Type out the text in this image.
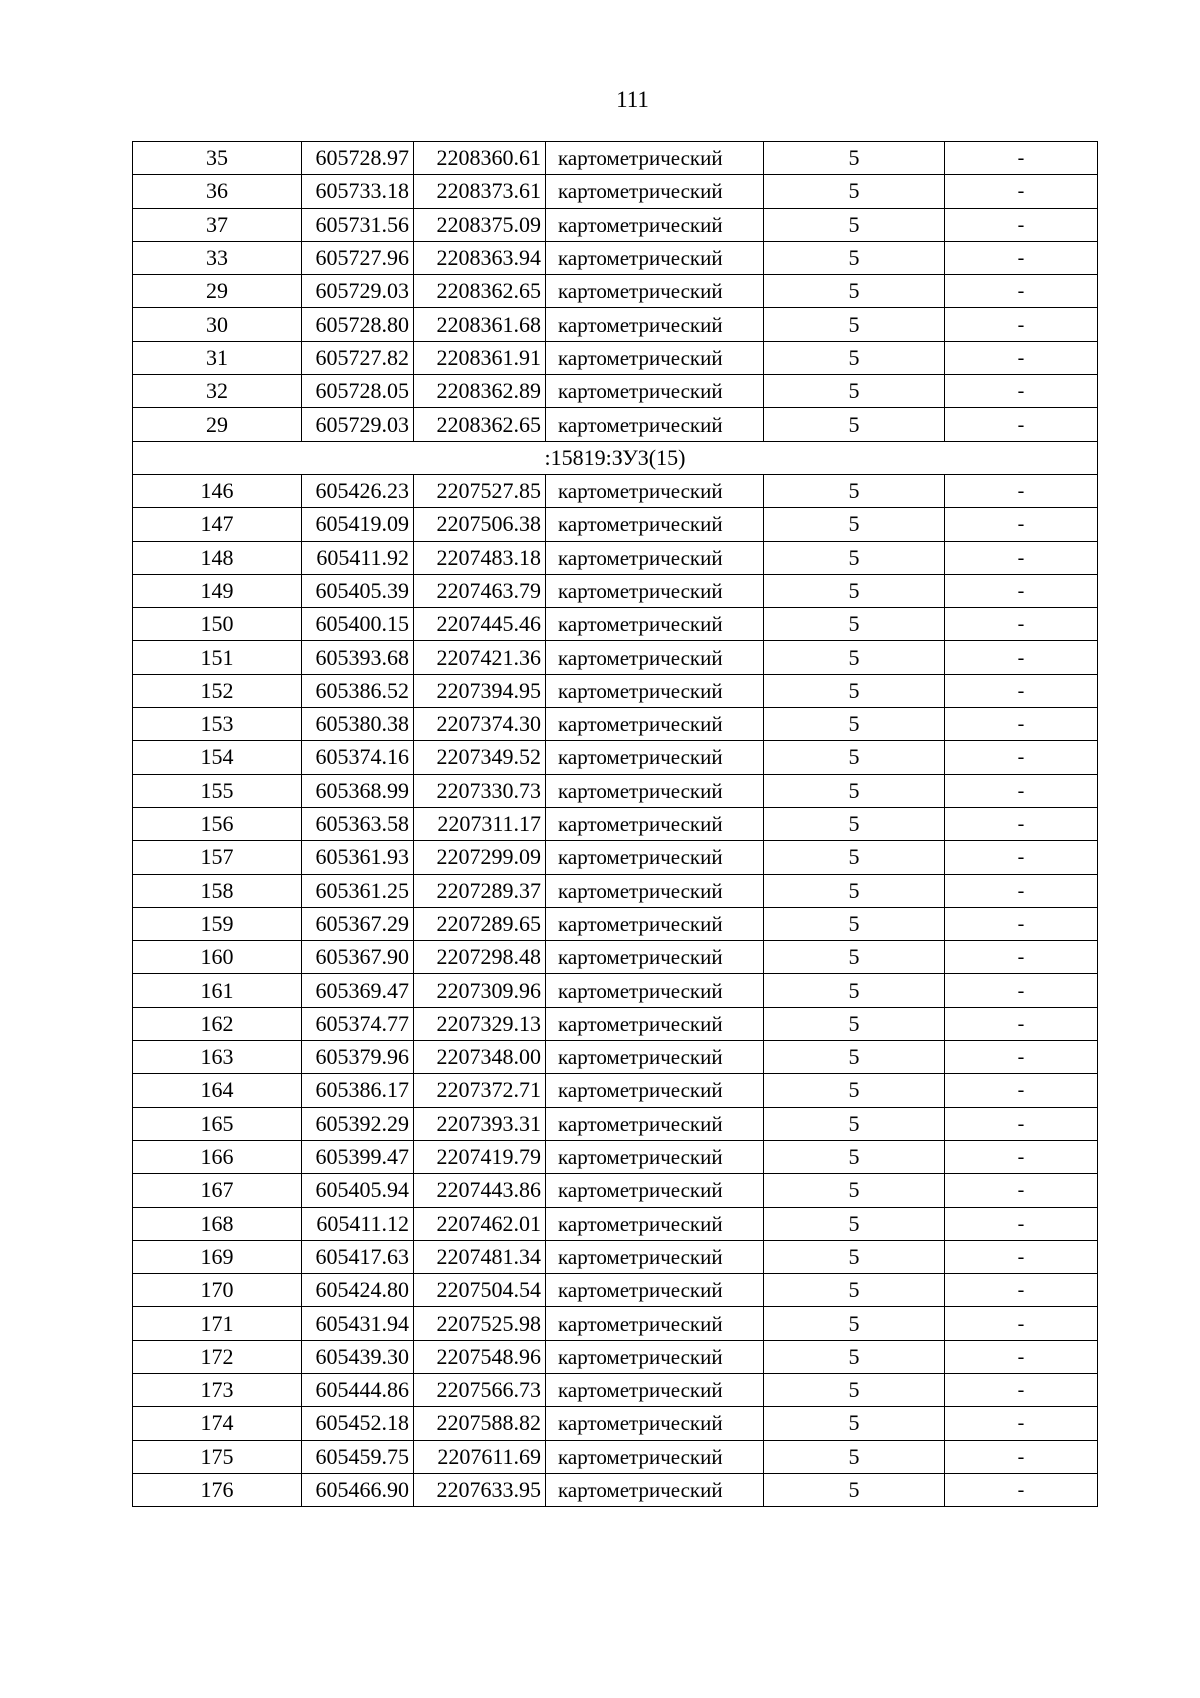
111
35	605728.97	2208360.61	картометрический	5	-
36	605733.18	2208373.61	картометрический	5	-
37	605731.56	2208375.09	картометрический	5	-
33	605727.96	2208363.94	картометрический	5	-
29	605729.03	2208362.65	картометрический	5	-
30	605728.80	2208361.68	картометрический	5	-
31	605727.82	2208361.91	картометрический	5	-
32	605728.05	2208362.89	картометрический	5	-
29	605729.03	2208362.65	картометрический	5	-
:15819:ЗУ3(15)					
146	605426.23	2207527.85	картометрический	5	-
147	605419.09	2207506.38	картометрический	5	-
148	605411.92	2207483.18	картометрический	5	-
149	605405.39	2207463.79	картометрический	5	-
150	605400.15	2207445.46	картометрический	5	-
151	605393.68	2207421.36	картометрический	5	-
152	605386.52	2207394.95	картометрический	5	-
153	605380.38	2207374.30	картометрический	5	-
154	605374.16	2207349.52	картометрический	5	-
155	605368.99	2207330.73	картометрический	5	-
156	605363.58	2207311.17	картометрический	5	-
157	605361.93	2207299.09	картометрический	5	-
158	605361.25	2207289.37	картометрический	5	-
159	605367.29	2207289.65	картометрический	5	-
160	605367.90	2207298.48	картометрический	5	-
161	605369.47	2207309.96	картометрический	5	-
162	605374.77	2207329.13	картометрический	5	-
163	605379.96	2207348.00	картометрический	5	-
164	605386.17	2207372.71	картометрический	5	-
165	605392.29	2207393.31	картометрический	5	-
166	605399.47	2207419.79	картометрический	5	-
167	605405.94	2207443.86	картометрический	5	-
168	605411.12	2207462.01	картометрический	5	-
169	605417.63	2207481.34	картометрический	5	-
170	605424.80	2207504.54	картометрический	5	-
171	605431.94	2207525.98	картометрический	5	-
172	605439.30	2207548.96	картометрический	5	-
173	605444.86	2207566.73	картометрический	5	-
174	605452.18	2207588.82	картометрический	5	-
175	605459.75	2207611.69	картометрический	5	-
176	605466.90	2207633.95	картометрический	5	-
